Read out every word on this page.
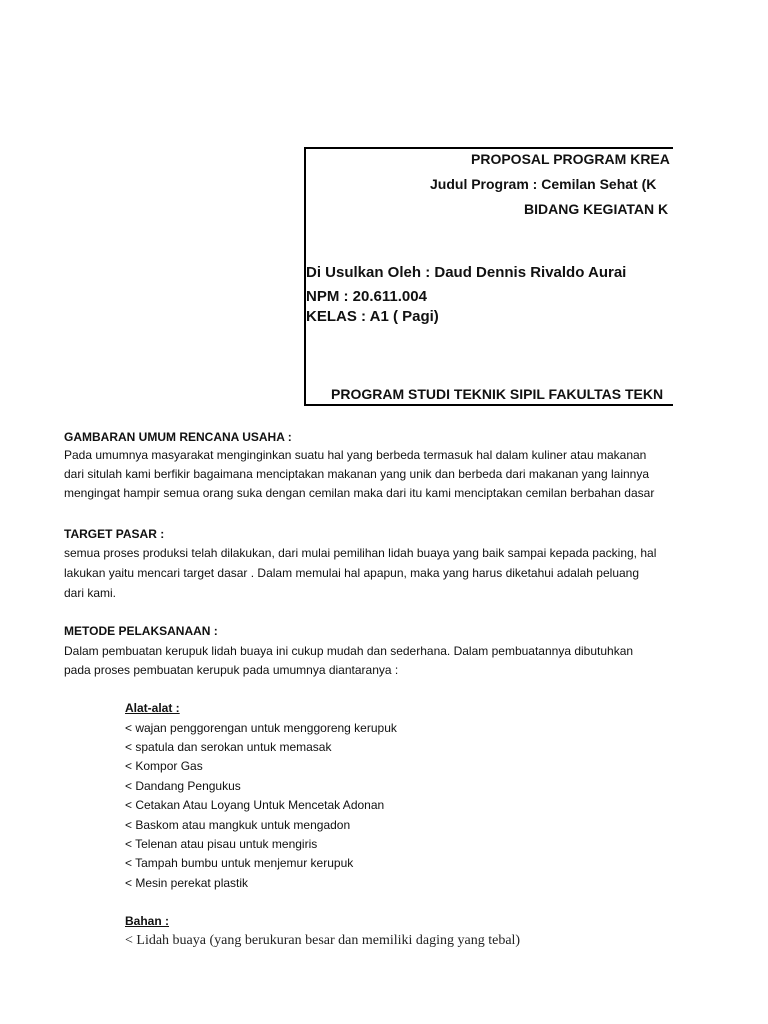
PROPOSAL PROGRAM KREA
Judul Program : Cemilan Sehat (K
BIDANG KEGIATAN K
Di Usulkan Oleh : Daud Dennis Rivaldo Aurai
NPM : 20.611.004
KELAS : A1 ( Pagi)
PROGRAM STUDI TEKNIK SIPIL FAKULTAS TEKN
GAMBARAN UMUM RENCANA USAHA :
Pada umumnya masyarakat menginginkan suatu hal yang berbeda termasuk hal dalam kuliner atau makanan
dari situlah kami berfikir bagaimana menciptakan makanan yang unik dan berbeda dari makanan yang lainnya
mengingat hampir semua orang suka dengan cemilan maka dari itu kami menciptakan cemilan berbahan dasar
TARGET PASAR :
semua proses produksi telah dilakukan, dari mulai pemilihan lidah buaya yang baik sampai kepada packing, hal
lakukan yaitu mencari target dasar . Dalam memulai hal apapun, maka yang harus diketahui adalah peluang
dari kami.
METODE PELAKSANAAN :
Dalam pembuatan kerupuk lidah buaya ini cukup mudah dan sederhana. Dalam pembuatannya dibutuhkan
pada proses pembuatan kerupuk pada umumnya diantaranya :
Alat-alat :
< wajan penggorengan untuk menggoreng kerupuk
< spatula dan serokan untuk memasak
< Kompor Gas
< Dandang Pengukus
< Cetakan Atau Loyang Untuk Mencetak Adonan
< Baskom atau mangkuk untuk mengadon
< Telenan atau pisau untuk mengiris
< Tampah bumbu untuk menjemur kerupuk
< Mesin perekat plastik
Bahan :
< Lidah buaya (yang berukuran besar dan memiliki daging yang tebal)
